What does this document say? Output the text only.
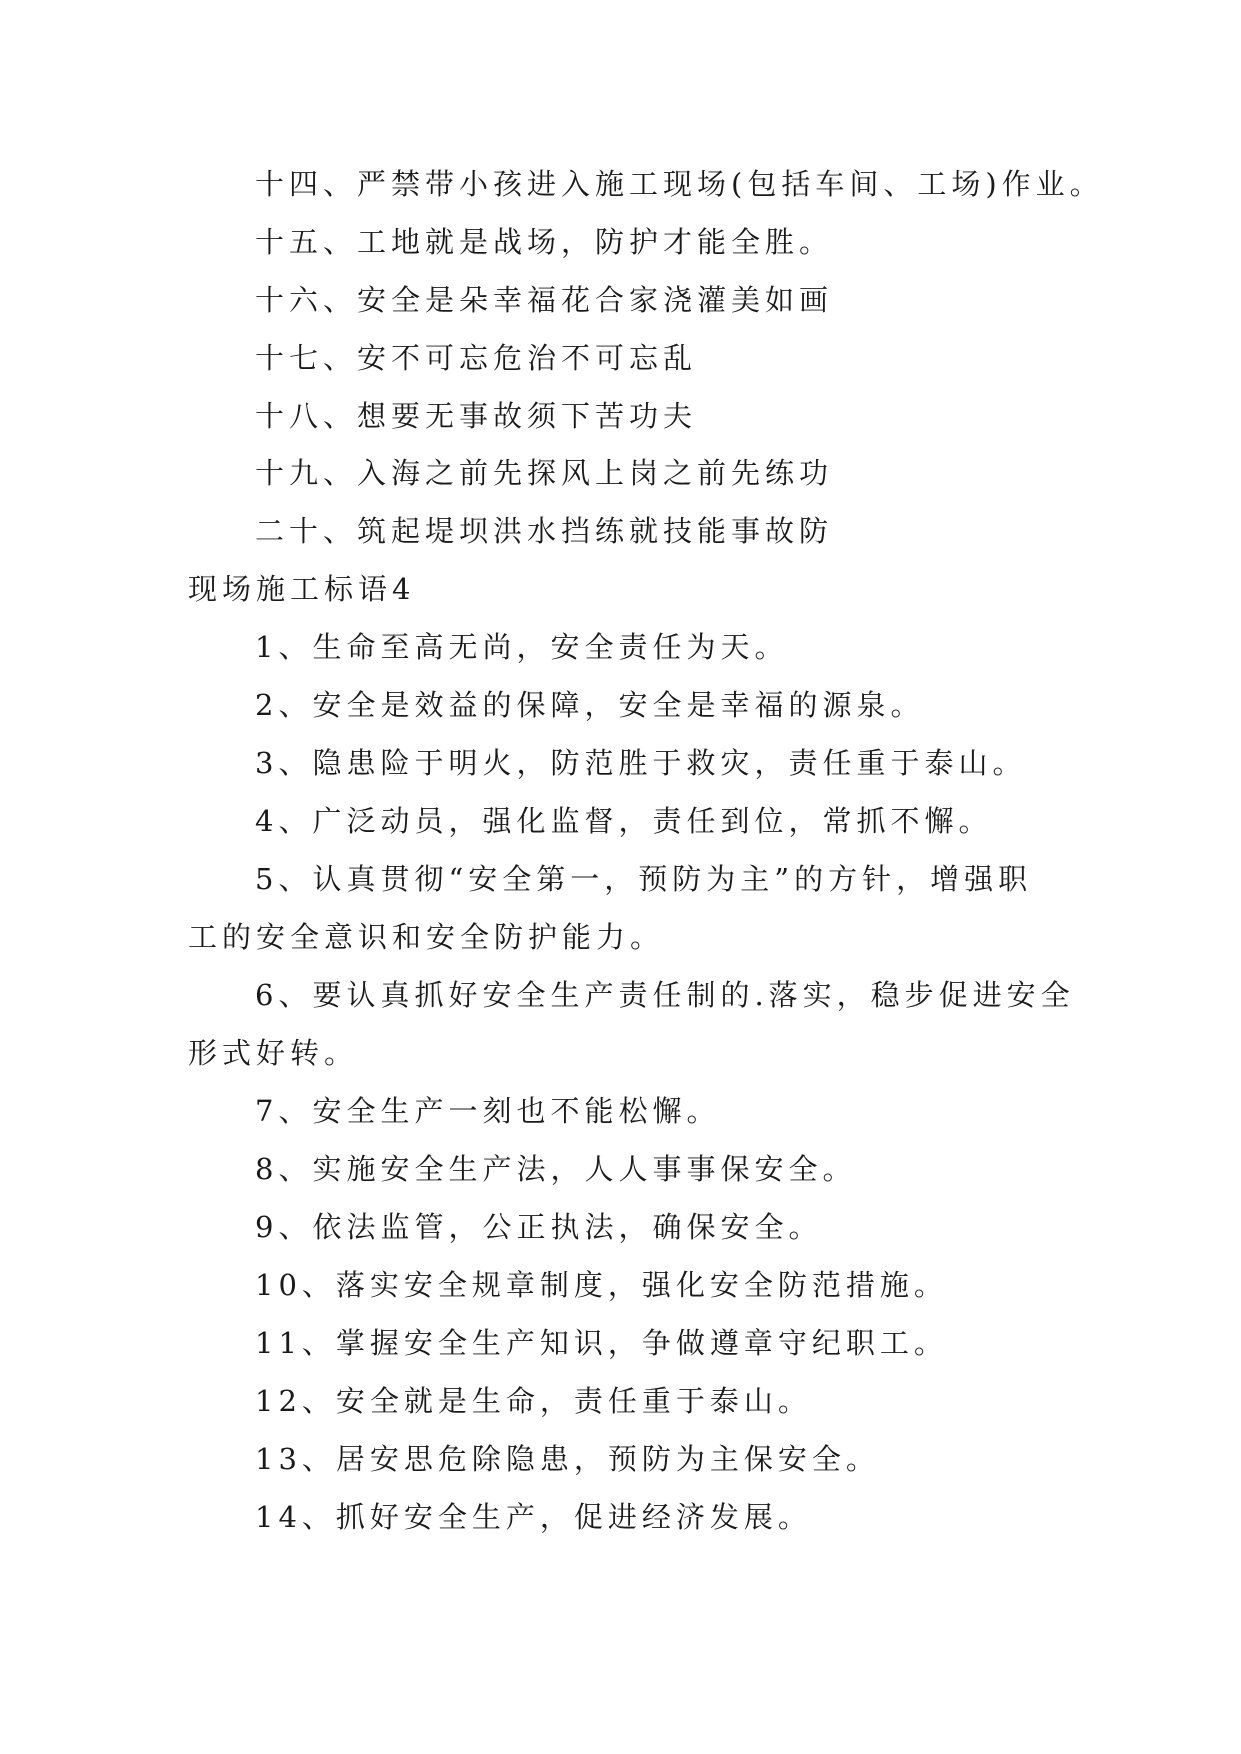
十四、严禁带小孩进入施工现场(包括车间、工场)作业。
十五、工地就是战场，防护才能全胜。
十六、安全是朵幸福花合家浇灌美如画
十七、安不可忘危治不可忘乱
十八、想要无事故须下苦功夫
十九、入海之前先探风上岗之前先练功
二十、筑起堤坝洪水挡练就技能事故防
现场施工标语4
1、生命至高无尚，安全责任为天。
2、安全是效益的保障，安全是幸福的源泉。
3、隐患险于明火，防范胜于救灾，责任重于泰山。
4、广泛动员，强化监督，责任到位，常抓不懈。
5、认真贯彻“安全第一，预防为主”的方针，增强职
工的安全意识和安全防护能力。
6、要认真抓好安全生产责任制的.落实，稳步促进安全
形式好转。
7、安全生产一刻也不能松懈。
8、实施安全生产法，人人事事保安全。
9、依法监管，公正执法，确保安全。
10、落实安全规章制度，强化安全防范措施。
11、掌握安全生产知识，争做遵章守纪职工。
12、安全就是生命，责任重于泰山。
13、居安思危除隐患，预防为主保安全。
14、抓好安全生产，促进经济发展。
